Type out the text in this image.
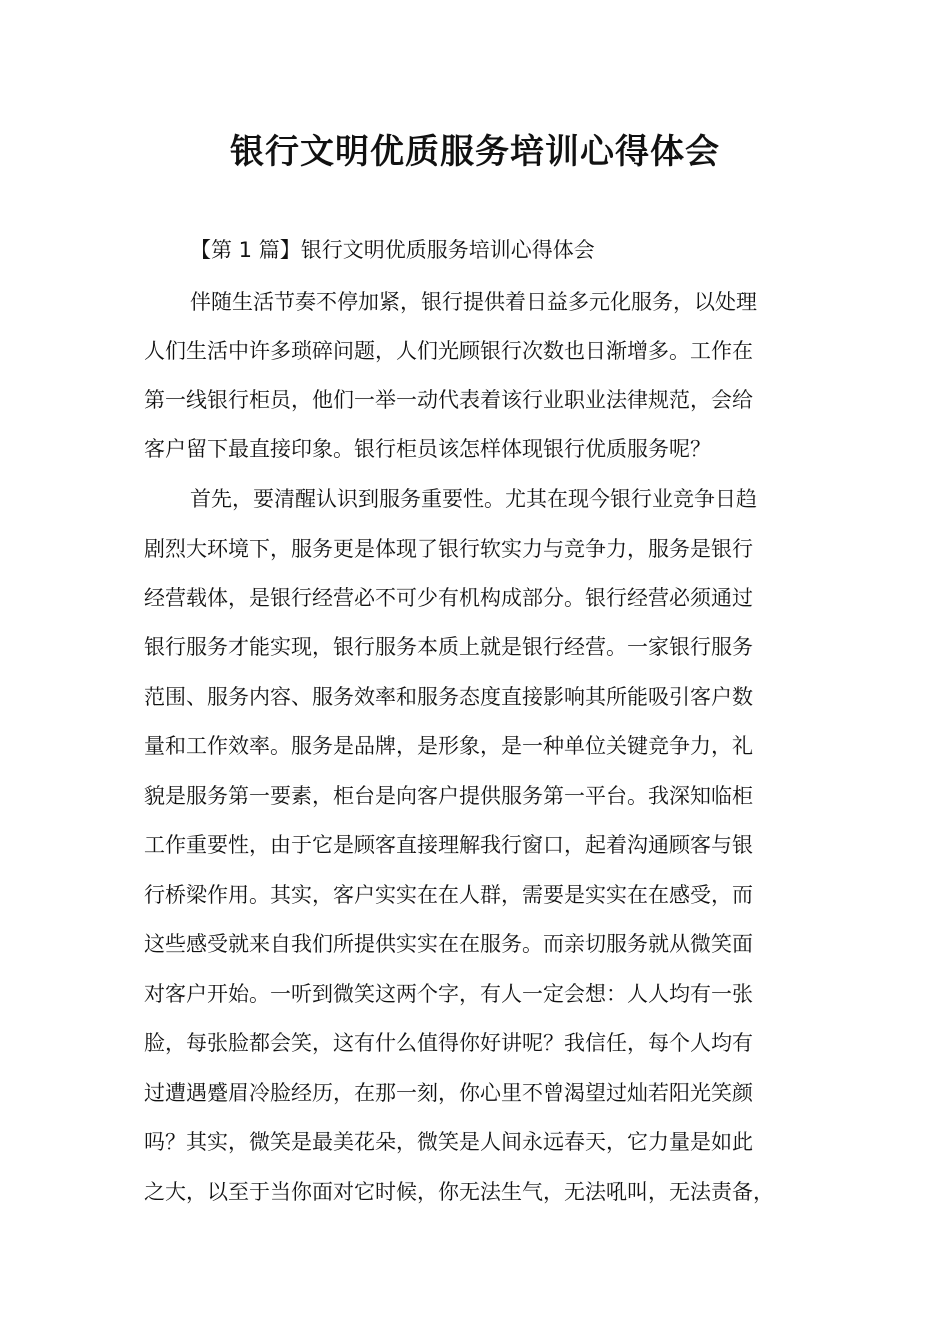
银行文明优质服务培训心得体会
【第 1 篇】银行文明优质服务培训心得体会
伴随生活节奏不停加紧，银行提供着日益多元化服务，以处理
人们生活中许多琐碎问题，人们光顾银行次数也日渐增多。工作在
第一线银行柜员，他们一举一动代表着该行业职业法律规范，会给
客户留下最直接印象。银行柜员该怎样体现银行优质服务呢？
首先，要清醒认识到服务重要性。尤其在现今银行业竞争日趋
剧烈大环境下，服务更是体现了银行软实力与竞争力，服务是银行
经营载体，是银行经营必不可少有机构成部分。银行经营必须通过
银行服务才能实现，银行服务本质上就是银行经营。一家银行服务
范围、服务内容、服务效率和服务态度直接影响其所能吸引客户数
量和工作效率。服务是品牌，是形象，是一种单位关键竞争力，礼
貌是服务第一要素，柜台是向客户提供服务第一平台。我深知临柜
工作重要性，由于它是顾客直接理解我行窗口，起着沟通顾客与银
行桥梁作用。其实，客户实实在在人群，需要是实实在在感受，而
这些感受就来自我们所提供实实在在服务。而亲切服务就从微笑面
对客户开始。一听到微笑这两个字，有人一定会想：人人均有一张
脸，每张脸都会笑，这有什么值得你好讲呢？我信任，每个人均有
过遭遇蹙眉冷脸经历，在那一刻，你心里不曾渴望过灿若阳光笑颜
吗？其实，微笑是最美花朵，微笑是人间永远春天，它力量是如此
之大，以至于当你面对它时候，你无法生气，无法吼叫，无法责备，
